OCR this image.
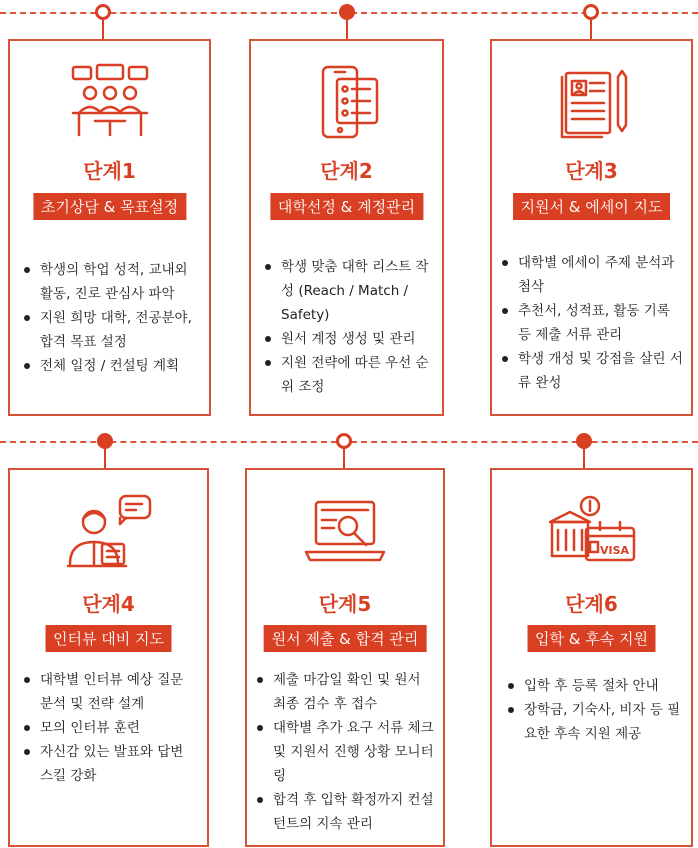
단계1
초기상담 & 목표설정
학생의 학업 성적, 교내외 활동, 진로 관심사 파악
지원 희망 대학, 전공분야, 합격 목표 설정
전체 일정 / 컨설팅 계획
단계2
대학선정 & 계정관리
학생 맞춤 대학 리스트 작성 (Reach / Match / Safety)
원서 계정 생성 및 관리
지원 전략에 따른 우선 순위 조정
단계3
지원서 & 에세이 지도
대학별 에세이 주제 분석과 첨삭
추천서, 성적표, 활동 기록 등 제출 서류 관리
학생 개성 및 강점을 살린 서류 완성
단계4
인터뷰 대비 지도
대학별 인터뷰 예상 질문 분석 및 전략 설계
모의 인터뷰 훈련
자신감 있는 발표와 답변 스킬 강화
단계5
원서 제출 & 합격 관리
제출 마감일 확인 및 원서 최종 검수 후 접수
대학별 추가 요구 서류 체크 및 지원서 진행 상황 모니터링
합격 후 입학 확정까지 컨설턴트의 지속 관리
VISA
단계6
입학 & 후속 지원
입학 후 등록 절차 안내
장학금, 기숙사, 비자 등 필요한 후속 지원 제공
